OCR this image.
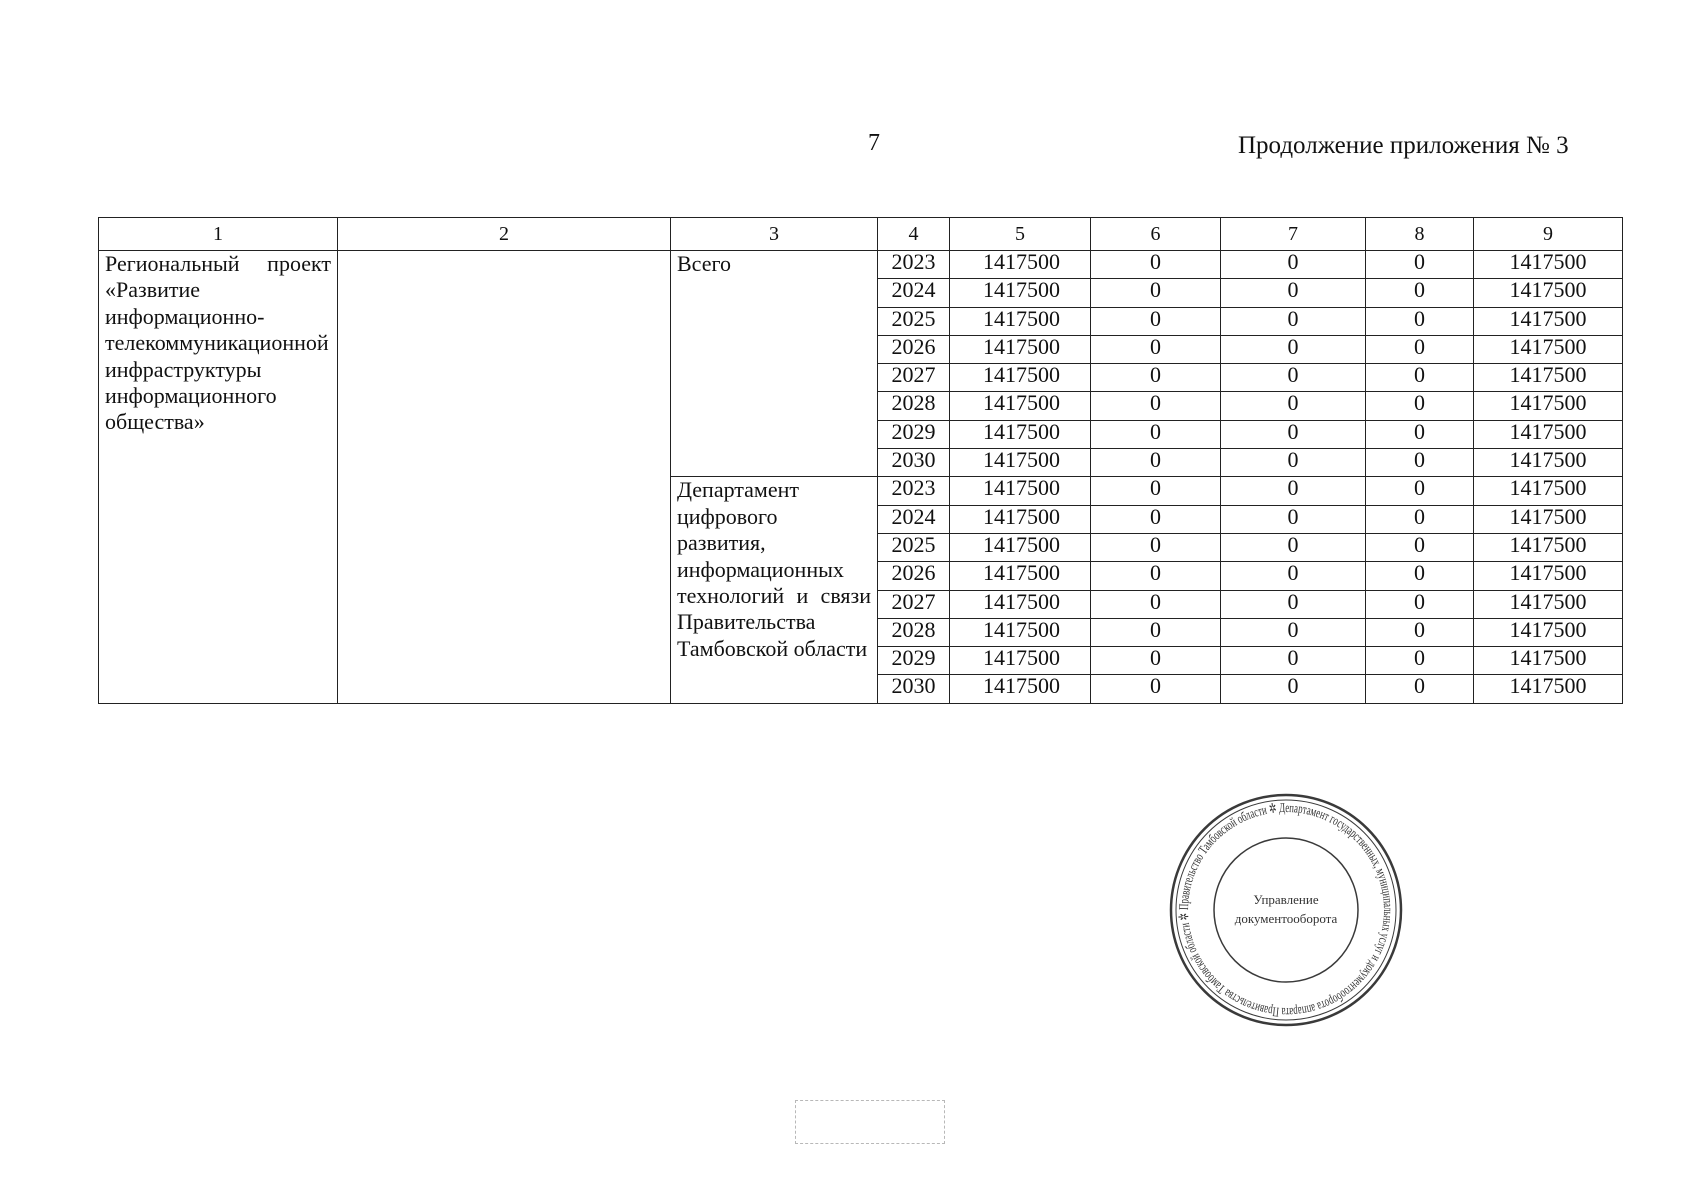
7	Продолжение приложения № 3
1	2	3	4	5	6	7	8	9
Региональный проект «Развитие информационно-телекоммуникационной инфраструктуры информационного общества»		Всего	2023	1417500	0	0	0	1417500
			2024	1417500	0	0	0	1417500
			2025	1417500	0	0	0	1417500
			2026	1417500	0	0	0	1417500
			2027	1417500	0	0	0	1417500
			2028	1417500	0	0	0	1417500
			2029	1417500	0	0	0	1417500
			2030	1417500	0	0	0	1417500
		Департамент цифрового развития, информационных технологий и связи Правительства Тамбовской области	2023	1417500	0	0	0	1417500
			2024	1417500	0	0	0	1417500
			2025	1417500	0	0	0	1417500
			2026	1417500	0	0	0	1417500
			2027	1417500	0	0	0	1417500
			2028	1417500	0	0	0	1417500
			2029	1417500	0	0	0	1417500
			2030	1417500	0	0	0	1417500
Правительство Тамбовской области ✲ Департамент государственных, муниципальных услуг и документооборота аппарата Правительства Тамбовской области ✲
Управление
документооборота
